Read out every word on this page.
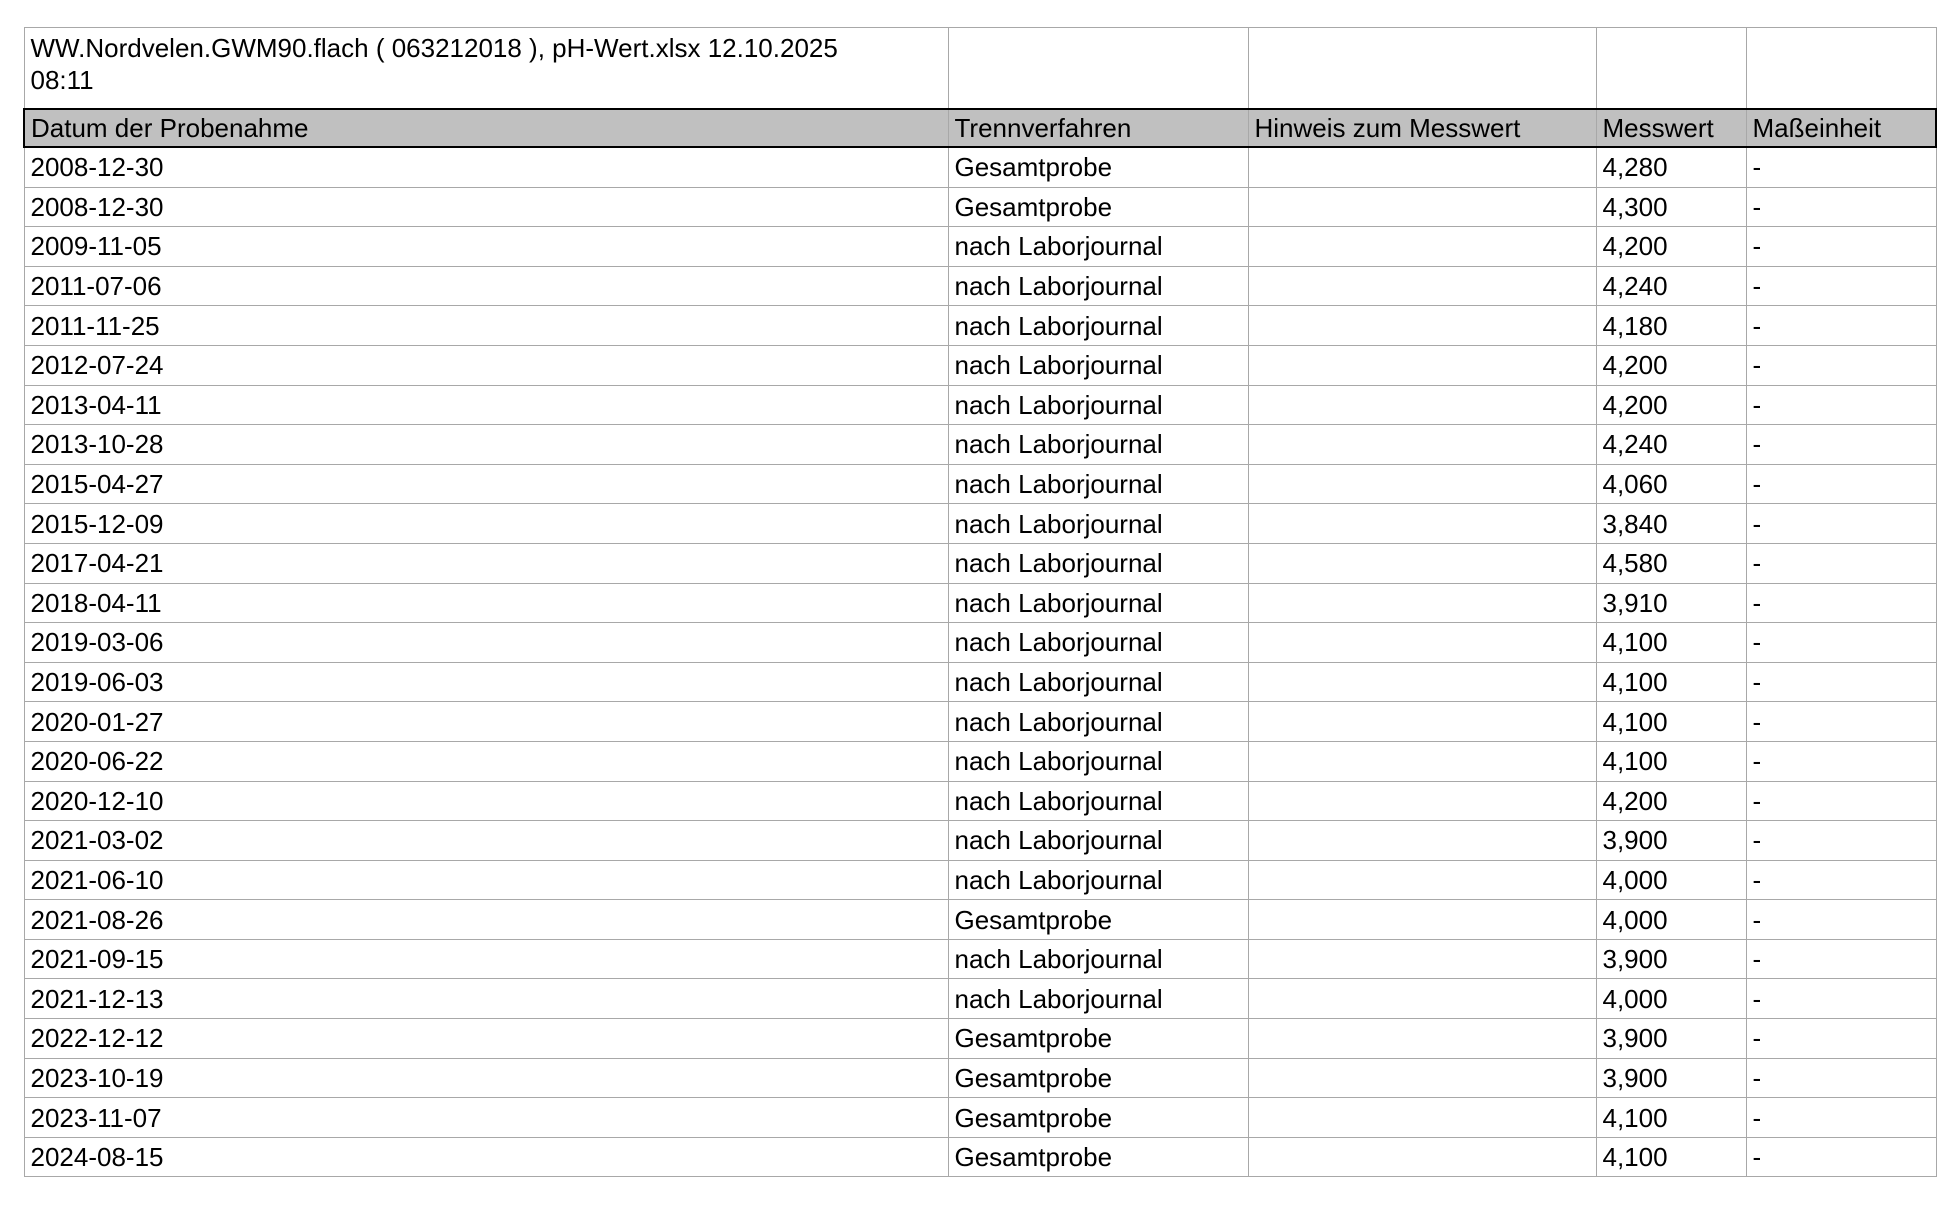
WW.Nordvelen.GWM90.flach ( 063212018 ), pH-Wert.xlsx 12.10.2025 08:11				
Datum der Probenahme	Trennverfahren	Hinweis zum Messwert	Messwert	Maßeinheit
2008-12-30	Gesamtprobe		4,280	-
2008-12-30	Gesamtprobe		4,300	-
2009-11-05	nach Laborjournal		4,200	-
2011-07-06	nach Laborjournal		4,240	-
2011-11-25	nach Laborjournal		4,180	-
2012-07-24	nach Laborjournal		4,200	-
2013-04-11	nach Laborjournal		4,200	-
2013-10-28	nach Laborjournal		4,240	-
2015-04-27	nach Laborjournal		4,060	-
2015-12-09	nach Laborjournal		3,840	-
2017-04-21	nach Laborjournal		4,580	-
2018-04-11	nach Laborjournal		3,910	-
2019-03-06	nach Laborjournal		4,100	-
2019-06-03	nach Laborjournal		4,100	-
2020-01-27	nach Laborjournal		4,100	-
2020-06-22	nach Laborjournal		4,100	-
2020-12-10	nach Laborjournal		4,200	-
2021-03-02	nach Laborjournal		3,900	-
2021-06-10	nach Laborjournal		4,000	-
2021-08-26	Gesamtprobe		4,000	-
2021-09-15	nach Laborjournal		3,900	-
2021-12-13	nach Laborjournal		4,000	-
2022-12-12	Gesamtprobe		3,900	-
2023-10-19	Gesamtprobe		3,900	-
2023-11-07	Gesamtprobe		4,100	-
2024-08-15	Gesamtprobe		4,100	-
